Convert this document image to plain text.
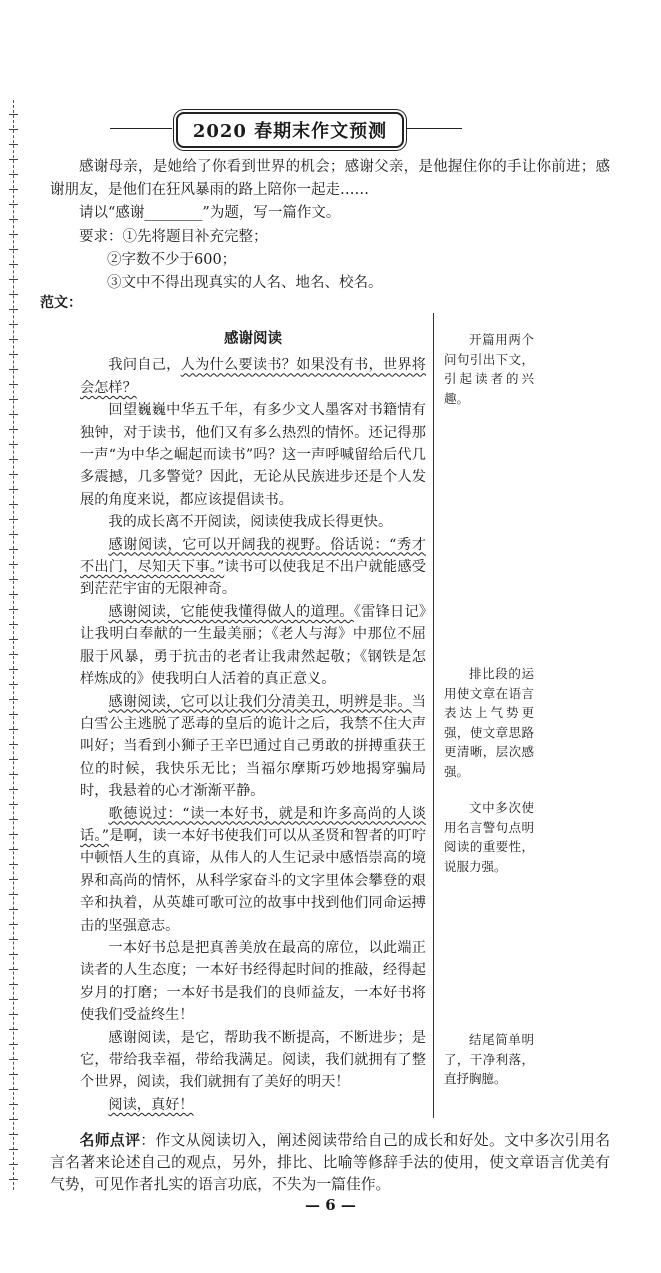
2020 春期末作文预测
感谢母亲，是她给了你看到世界的机会；感谢父亲，是他握住你的手让你前进；感谢朋友，是他们在狂风暴雨的路上陪你一起走……
请以“感谢________”为题，写一篇作文。
要求：①先将题目补充完整；
②字数不少于600；
③文中不得出现真实的人名、地名、校名。
范文：
感谢阅读

我问自己，人为什么要读书？如果没有书，世界将会怎样？

回望巍巍中华五千年，有多少文人墨客对书籍情有独钟，对于读书，他们又有多么热烈的情怀。还记得那一声“为中华之崛起而读书”吗？这一声呼喊留给后代几多震撼，几多警觉？因此，无论从民族进步还是个人发展的角度来说，都应该提倡读书。

我的成长离不开阅读，阅读使我成长得更快。

感谢阅读，它可以开阔我的视野。俗话说：“秀才不出门，尽知天下事。”读书可以使我足不出户就能感受到茫茫宇宙的无限神奇。

感谢阅读，它能使我懂得做人的道理。《雷锋日记》让我明白奉献的一生最美丽；《老人与海》中那位不屈服于风暴，勇于抗击的老者让我肃然起敬；《钢铁是怎样炼成的》使我明白人活着的真正意义。

感谢阅读，它可以让我们分清美丑，明辨是非。当白雪公主逃脱了恶毒的皇后的诡计之后，我禁不住大声叫好；当看到小狮子王辛巴通过自己勇敢的拼搏重获王位的时候，我快乐无比；当福尔摩斯巧妙地揭穿骗局时，我悬着的心才渐渐平静。

歌德说过：“读一本好书，就是和许多高尚的人谈话。”是啊，读一本好书使我们可以从圣贤和智者的叮咛中顿悟人生的真谛，从伟人的人生记录中感悟崇高的境界和高尚的情怀，从科学家奋斗的文字里体会攀登的艰辛和执着，从英雄可歌可泣的故事中找到他们同命运搏击的坚强意志。

一本好书总是把真善美放在最高的席位，以此端正读者的人生态度；一本好书经得起时间的推敲，经得起岁月的打磨；一本好书是我们的良师益友，一本好书将使我们受益终生！

感谢阅读，是它，帮助我不断提高，不断进步；是它，带给我幸福，带给我满足。阅读，我们就拥有了整个世界，阅读，我们就拥有了美好的明天！

阅读，真好！

开篇用两个问句引出下文，引起读者的兴趣。
排比段的运用使文章在语言表达上气势更强，使文章思路更清晰，层次感强。
文中多次使用名言警句点明阅读的重要性，说服力强。
结尾简单明了，干净利落，直抒胸臆。
名师点评：作文从阅读切入，阐述阅读带给自己的成长和好处。文中多次引用名言名著来论述自己的观点，另外，排比、比喻等修辞手法的使用，使文章语言优美有气势，可见作者扎实的语言功底，不失为一篇佳作。
— 6 —
